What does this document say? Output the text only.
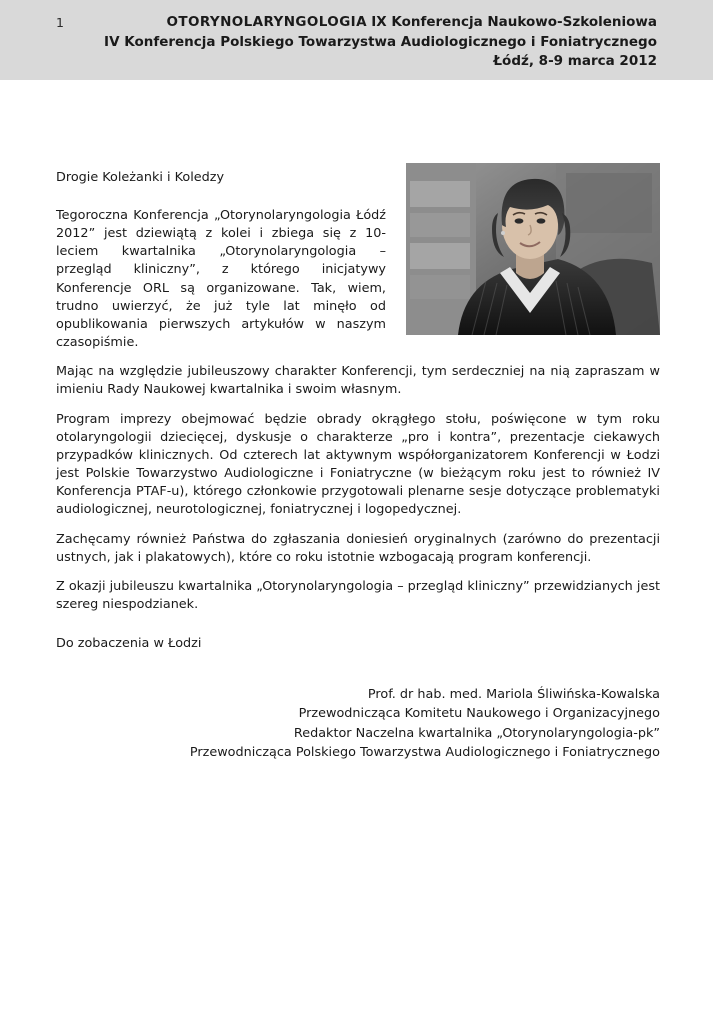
1	OTORYNOLARYNGOLOGIA IX Konferencja Naukowo-Szkoleniowa
IV Konferencja Polskiego Towarzystwa Audiologicznego i Foniatrycznego
Łódź, 8-9 marca 2012

Drogie Koleżanki i Koledzy

Tegoroczna Konferencja „Otorynolaryngologia Łódź 2012” jest dziewiątą z kolei i zbiega się z 10-leciem kwartalnika „Otorynolaryngologia – przegląd kliniczny”, z którego inicjatywy Konferencje ORL są organizowane. Tak, wiem, trudno uwierzyć, że już tyle lat minęło od opublikowania pierwszych artykułów w naszym czasopiśmie.

Mając na względzie jubileuszowy charakter Konferencji, tym serdeczniej na nią zapraszam w imieniu Rady Naukowej kwartalnika i swoim własnym.

Program imprezy obejmować będzie obrady okrągłego stołu, poświęcone w tym roku otolaryngologii dziecięcej, dyskusje o charakterze „pro i kontra”, prezentacje ciekawych przypadków klinicznych. Od czterech lat aktywnym współorganizatorem Konferencji w Łodzi jest Polskie Towarzystwo Audiologiczne i Foniatryczne (w bieżącym roku jest to również IV Konferencja PTAF-u), którego członkowie przygotowali plenarne sesje dotyczące problematyki audiologicznej, neurotologicznej, foniatrycznej i logopedycznej.

Zachęcamy również Państwa do zgłaszania doniesień oryginalnych (zarówno do prezentacji ustnych, jak i plakatowych), które co roku istotnie wzbogacają program konferencji.

Z okazji jubileuszu kwartalnika „Otorynolaryngologia – przegląd kliniczny” przewidzianych jest szereg niespodzianek.

Do zobaczenia w Łodzi

Prof. dr hab. med. Mariola Śliwińska-Kowalska
Przewodnicząca Komitetu Naukowego i Organizacyjnego
Redaktor Naczelna kwartalnika „Otorynolaryngologia-pk”
Przewodnicząca Polskiego Towarzystwa Audiologicznego i Foniatrycznego
